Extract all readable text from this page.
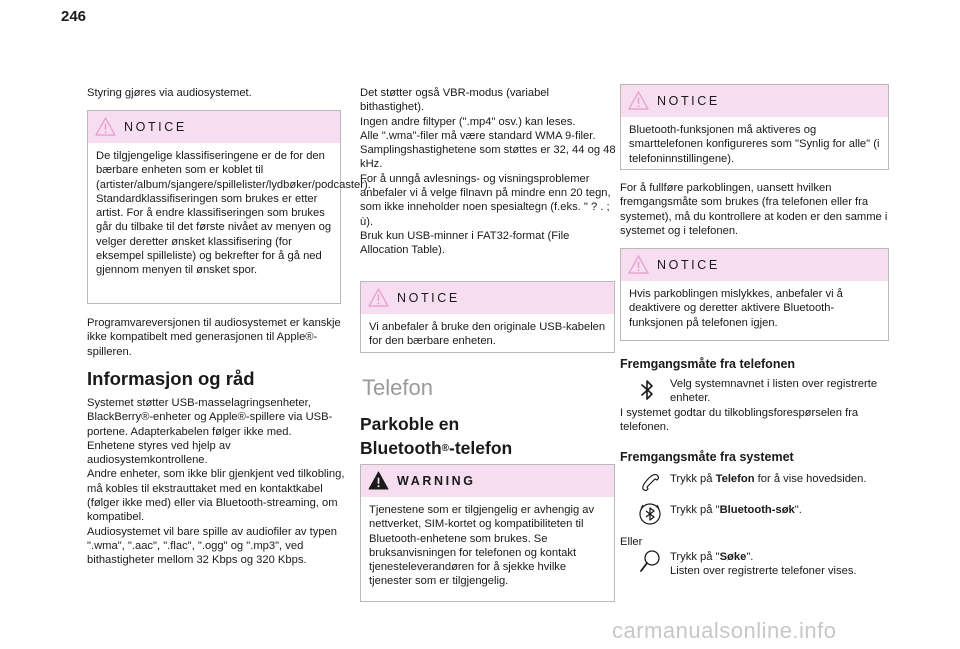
246

Styring gjøres via audiosystemet.

NOTICE
De tilgjengelige klassifiseringene er de for den bærbare enheten som er koblet til (artister/album/sjangere/spillelister/lydbøker/podcaster).
Standardklassifiseringen som brukes er etter artist. For å endre klassifiseringen som brukes går du tilbake til det første nivået av menyen og velger deretter ønsket klassifisering (for eksempel spilleliste) og bekrefter for å gå ned gjennom menyen til ønsket spor.

Programvareversjonen til audiosystemet er kanskje ikke kompatibelt med generasjonen til Apple®-spilleren.

Informasjon og råd

Systemet støtter USB-masselagringsenheter, BlackBerry®-enheter og Apple®-spillere via USB-portene. Adapterkabelen følger ikke med.
Enhetene styres ved hjelp av audiosystemkontrollene.
Andre enheter, som ikke blir gjenkjent ved tilkobling, må kobles til ekstrauttaket med en kontaktkabel (følger ikke med) eller via Bluetooth-streaming, om kompatibel.
Audiosystemet vil bare spille av audiofiler av typen ".wma", ".aac", ".flac", ".ogg" og ".mp3", ved bithastigheter mellom 32 Kbps og 320 Kbps.

Det støtter også VBR-modus (variabel bithastighet).
Ingen andre filtyper (".mp4" osv.) kan leses.
Alle ".wma"-filer må være standard WMA 9-filer.
Samplingshastighetene som støttes er 32, 44 og 48 kHz.
For å unngå avlesnings- og visningsproblemer anbefaler vi å velge filnavn på mindre enn 20 tegn, som ikke inneholder noen spesialtegn (f.eks. " ? . ; ù).
Bruk kun USB-minner i FAT32-format (File Allocation Table).

NOTICE
Vi anbefaler å bruke den originale USB-kabelen for den bærbare enheten.
Telefon
Parkoble en
Bluetooth®-telefon
WARNING
Tjenestene som er tilgjengelig er avhengig av nettverket, SIM-kortet og kompatibiliteten til Bluetooth-enhetene som brukes. Se bruksanvisningen for telefonen og kontakt tjenesteleverandøren for å sjekke hvilke tjenester som er tilgjengelig.
NOTICE
Bluetooth-funksjonen må aktiveres og smarttelefonen konfigureres som "Synlig for alle" (i telefoninnstillingene).

For å fullføre parkoblingen, uansett hvilken fremgangsmåte som brukes (fra telefonen eller fra systemet), må du kontrollere at koden er den samme i systemet og i telefonen.

NOTICE
Hvis parkoblingen mislykkes, anbefaler vi å deaktivere og deretter aktivere Bluetooth-funksjonen på telefonen igjen.
Fremgangsmåte fra telefonen
Velg systemnavnet i listen over registrerte enheter.

I systemet godtar du tilkoblingsforespørselen fra telefonen.

Fremgangsmåte fra systemet
Trykk på Telefon for å vise hovedsiden.
Trykk på "Bluetooth-søk".
Eller
Trykk på "Søke".
Listen over registrerte telefoner vises.
carmanualsonline.info
